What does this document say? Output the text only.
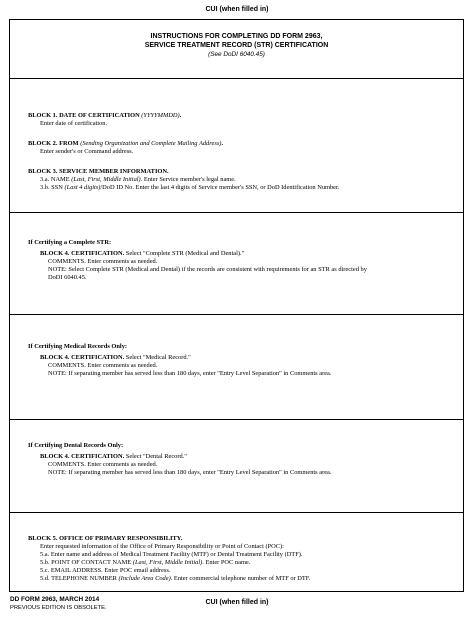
CUI (when filled in)
INSTRUCTIONS FOR COMPLETING DD FORM 2963,
SERVICE TREATMENT RECORD (STR) CERTIFICATION
(See DoDI 6040.45)
BLOCK 1. DATE OF CERTIFICATION (YYYYMMDD).
Enter date of certification.
BLOCK 2. FROM (Sending Organization and Complete Mailing Address).
Enter sender's or Command address.
BLOCK 3. SERVICE MEMBER INFORMATION.
3.a. NAME (Last, First, Middle Initial). Enter Service member's legal name.
3.b. SSN (Last 4 digits)/DoD ID No. Enter the last 4 digits of Service member's SSN, or DoD Identification Number.
If Certifying a Complete STR:
BLOCK 4. CERTIFICATION. Select "Complete STR (Medical and Dental)."
COMMENTS. Enter comments as needed.
NOTE: Select Complete STR (Medical and Dental) if the records are consistent with requirements for an STR as directed by
DoDI 6040.45.
If Certifying Medical Records Only:
BLOCK 4. CERTIFICATION. Select "Medical Record."
COMMENTS. Enter comments as needed.
NOTE: If separating member has served less than 180 days, enter "Entry Level Separation" in Comments area.
If Certifying Dental Records Only:
BLOCK 4. CERTIFICATION. Select "Dental Record."
COMMENTS. Enter comments as needed.
NOTE: If separating member has served less than 180 days, enter "Entry Level Separation" in Comments area.
BLOCK 5. OFFICE OF PRIMARY RESPONSIBILITY.
Enter requested information of the Office of Primary Responsibility or Point of Contact (POC):
5.a. Enter name and address of Medical Treatment Facility (MTF) or Dental Treatment Facility (DTF).
5.b. POINT OF CONTACT NAME (Last, First, Middle Initial). Enter POC name.
5.c. EMAIL ADDRESS. Enter POC email address.
5.d. TELEPHONE NUMBER (Include Area Code). Enter commercial telephone number of MTF or DTF.
DD FORM 2963, MARCH 2014
PREVIOUS EDITION IS OBSOLETE.
CUI (when filled in)
